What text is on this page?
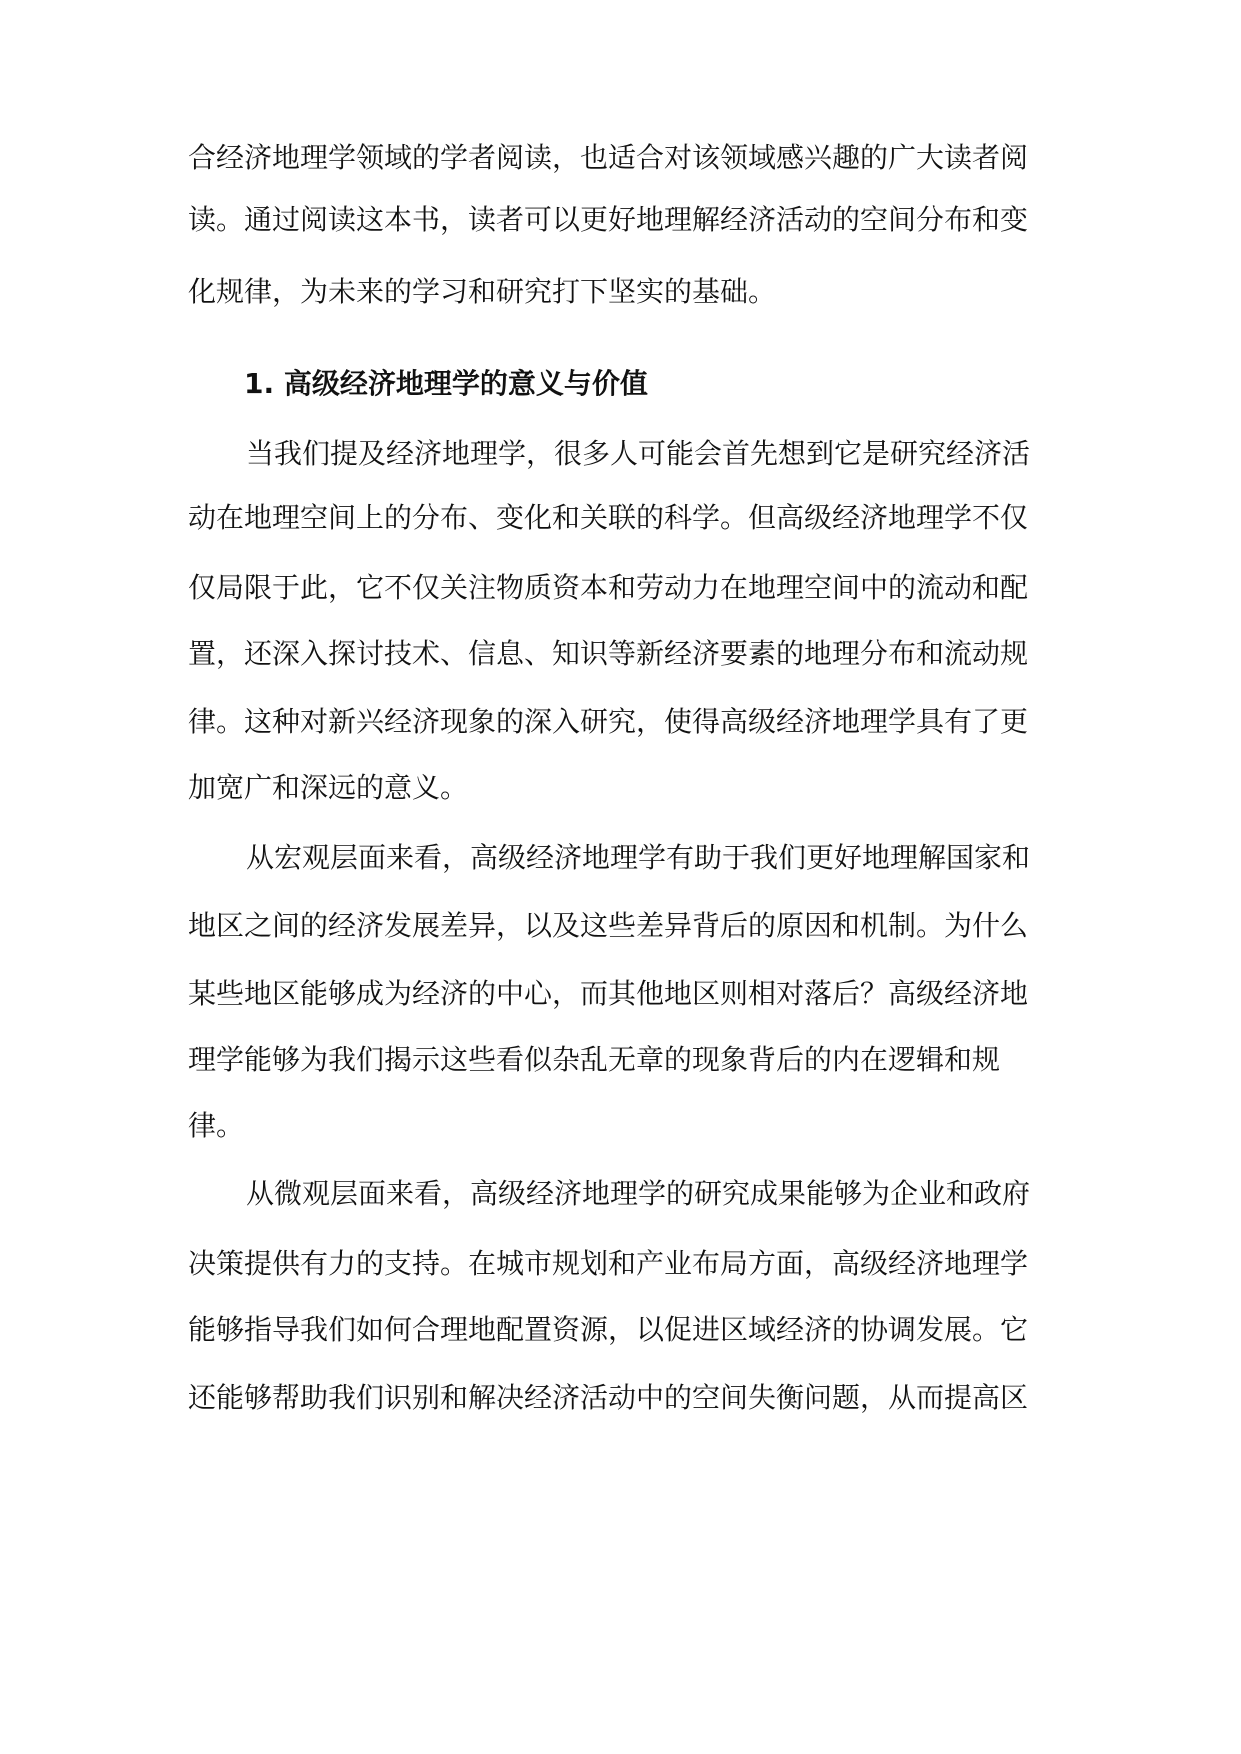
合经济地理学领域的学者阅读，也适合对该领域感兴趣的广大读者阅
读。通过阅读这本书，读者可以更好地理解经济活动的空间分布和变
化规律，为未来的学习和研究打下坚实的基础。
1. 高级经济地理学的意义与价值
当我们提及经济地理学，很多人可能会首先想到它是研究经济活
动在地理空间上的分布、变化和关联的科学。但高级经济地理学不仅
仅局限于此，它不仅关注物质资本和劳动力在地理空间中的流动和配
置，还深入探讨技术、信息、知识等新经济要素的地理分布和流动规
律。这种对新兴经济现象的深入研究，使得高级经济地理学具有了更
加宽广和深远的意义。
从宏观层面来看，高级经济地理学有助于我们更好地理解国家和
地区之间的经济发展差异，以及这些差异背后的原因和机制。为什么
某些地区能够成为经济的中心，而其他地区则相对落后？高级经济地
理学能够为我们揭示这些看似杂乱无章的现象背后的内在逻辑和规
律。
从微观层面来看，高级经济地理学的研究成果能够为企业和政府
决策提供有力的支持。在城市规划和产业布局方面，高级经济地理学
能够指导我们如何合理地配置资源，以促进区域经济的协调发展。它
还能够帮助我们识别和解决经济活动中的空间失衡问题，从而提高区
